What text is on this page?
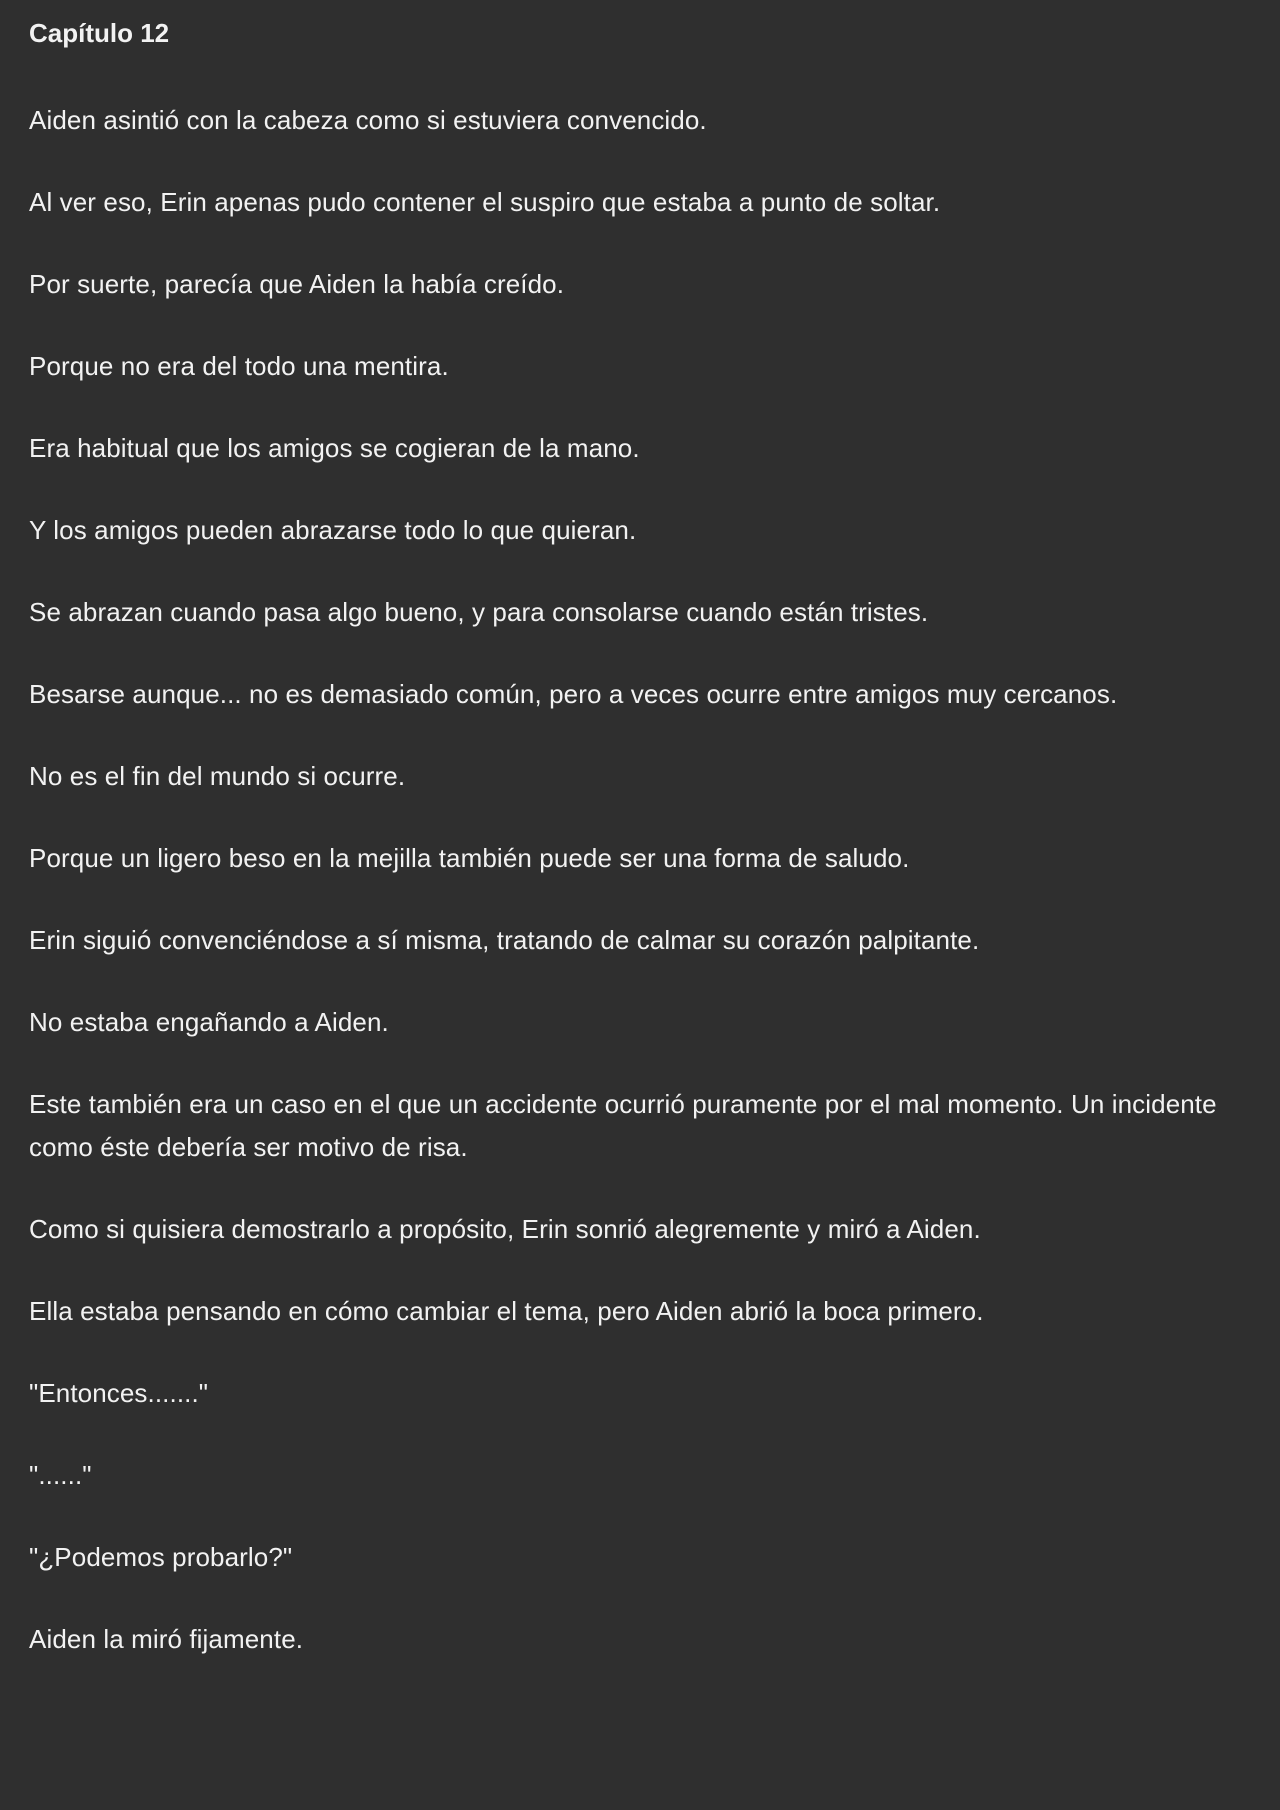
Capítulo 12

Aiden asintió con la cabeza como si estuviera convencido.

Al ver eso, Erin apenas pudo contener el suspiro que estaba a punto de soltar.

Por suerte, parecía que Aiden la había creído.

Porque no era del todo una mentira.

Era habitual que los amigos se cogieran de la mano.

Y los amigos pueden abrazarse todo lo que quieran.

Se abrazan cuando pasa algo bueno, y para consolarse cuando están tristes.

Besarse aunque... no es demasiado común, pero a veces ocurre entre amigos muy cercanos.

No es el fin del mundo si ocurre.

Porque un ligero beso en la mejilla también puede ser una forma de saludo.

Erin siguió convenciéndose a sí misma, tratando de calmar su corazón palpitante.

No estaba engañando a Aiden.

Este también era un caso en el que un accidente ocurrió puramente por el mal momento. Un incidente como éste debería ser motivo de risa.

Como si quisiera demostrarlo a propósito, Erin sonrió alegremente y miró a Aiden.

Ella estaba pensando en cómo cambiar el tema, pero Aiden abrió la boca primero.

"Entonces......."

"......"

"¿Podemos probarlo?"

Aiden la miró fijamente.
